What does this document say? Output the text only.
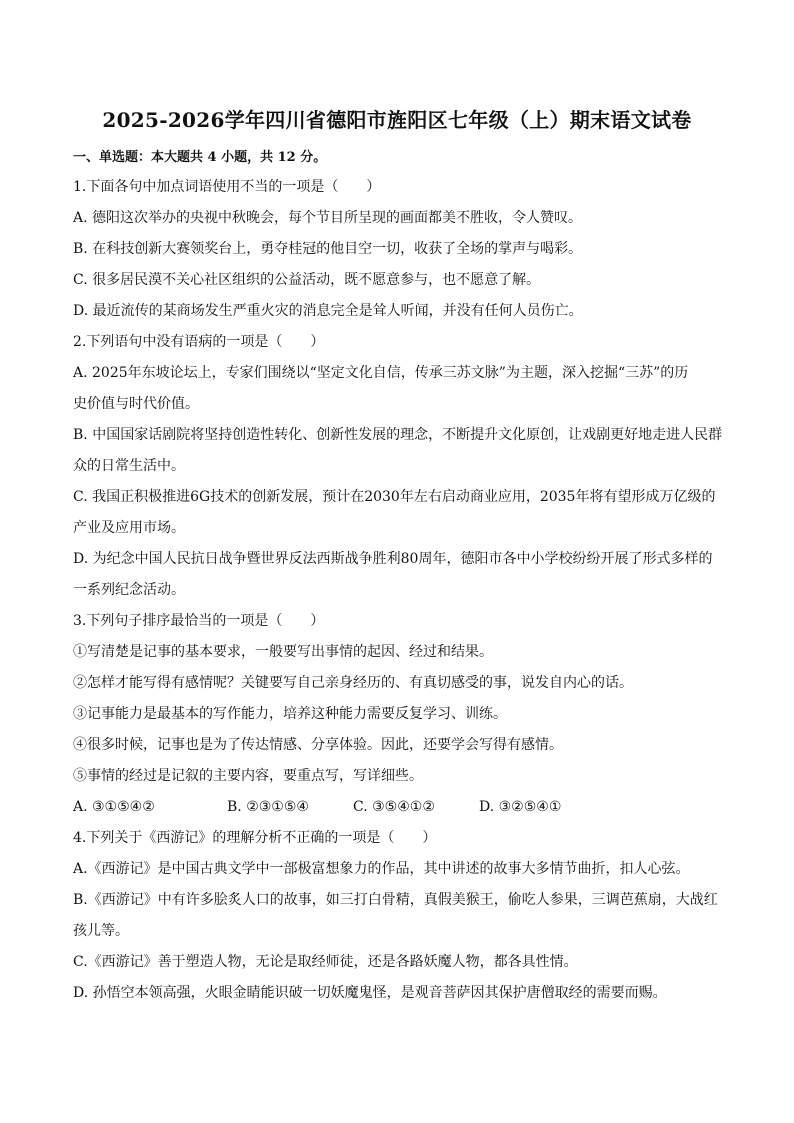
2025-2026学年四川省德阳市旌阳区七年级（上）期末语文试卷
一、单选题：本大题共 4 小题，共 12 分。
1.下面各句中加点词语使用不当的一项是（　　）
A. 德阳这次举办的央视中秋晚会，每个节目所呈现的画面都美不胜收，令人赞叹。
B. 在科技创新大赛领奖台上，勇夺桂冠的他目空一切，收获了全场的掌声与喝彩。
C. 很多居民漠不关心社区组织的公益活动，既不愿意参与，也不愿意了解。
D. 最近流传的某商场发生严重火灾的消息完全是耸人听闻，并没有任何人员伤亡。
2.下列语句中没有语病的一项是（　　）
A. 2025年东坡论坛上，专家们围绕以“坚定文化自信，传承三苏文脉”为主题，深入挖掘“三苏”的历
史价值与时代价值。
B. 中国国家话剧院将坚持创造性转化、创新性发展的理念，不断提升文化原创，让戏剧更好地走进人民群
众的日常生活中。
C. 我国正积极推进6G技术的创新发展，预计在2030年左右启动商业应用，2035年将有望形成万亿级的
产业及应用市场。
D. 为纪念中国人民抗日战争暨世界反法西斯战争胜利80周年，德阳市各中小学校纷纷开展了形式多样的
一系列纪念活动。
3.下列句子排序最恰当的一项是（　　）
①写清楚是记事的基本要求，一般要写出事情的起因、经过和结果。
②怎样才能写得有感情呢？关键要写自己亲身经历的、有真切感受的事，说发自内心的话。
③记事能力是最基本的写作能力，培养这种能力需要反复学习、训练。
④很多时候，记事也是为了传达情感、分享体验。因此，还要学会写得有感情。
⑤事情的经过是记叙的主要内容，要重点写，写详细些。
A. ③①⑤④②	B. ②③①⑤④	C. ③⑤④①②	D. ③②⑤④①
4.下列关于《西游记》的理解分析不正确的一项是（　　）
A.《西游记》是中国古典文学中一部极富想象力的作品，其中讲述的故事大多情节曲折，扣人心弦。
B.《西游记》中有许多脍炙人口的故事，如三打白骨精，真假美猴王，偷吃人参果，三调芭蕉扇，大战红
孩儿等。
C.《西游记》善于塑造人物，无论是取经师徒，还是各路妖魔人物，都各具性情。
D. 孙悟空本领高强，火眼金睛能识破一切妖魔鬼怪，是观音菩萨因其保护唐僧取经的需要而赐。
